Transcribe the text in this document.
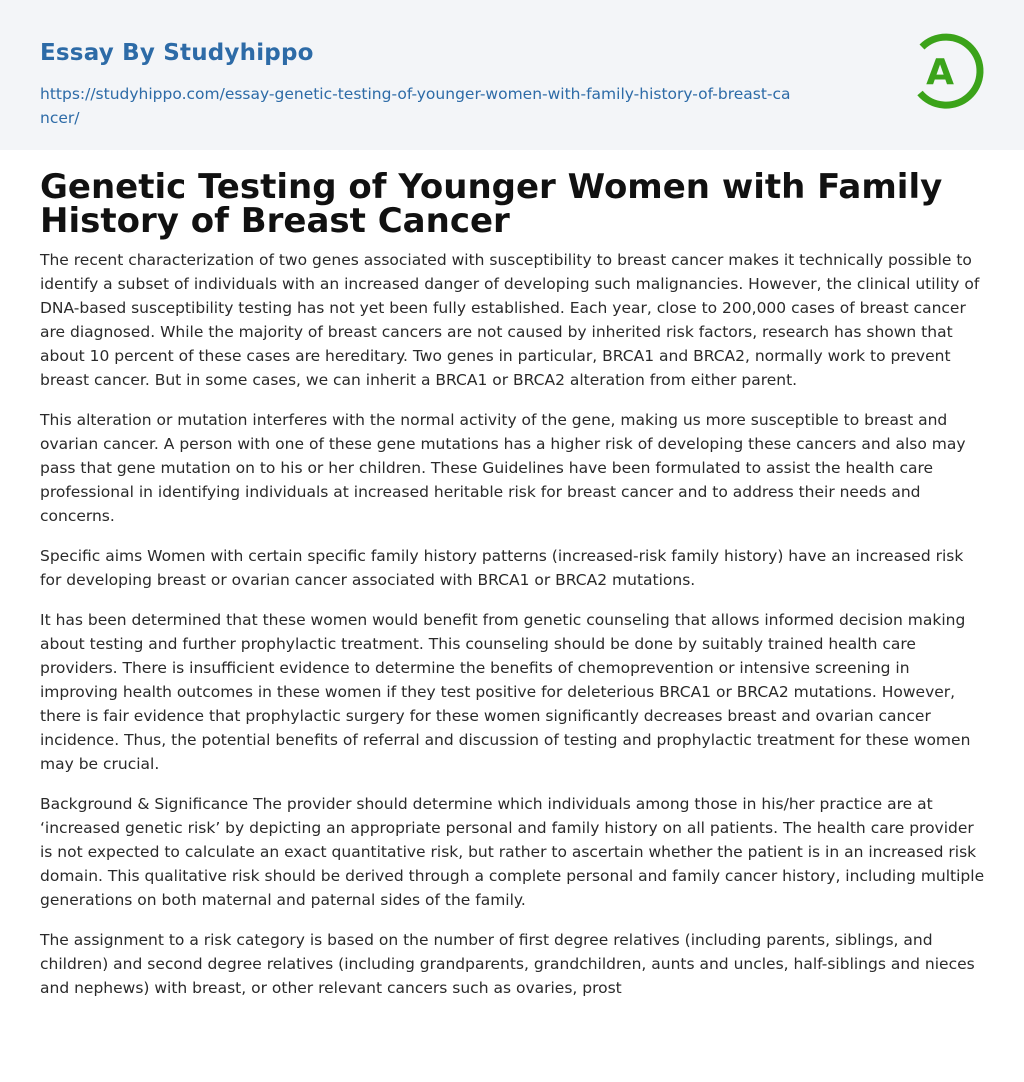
Essay By Studyhippo
https://studyhippo.com/essay-genetic-testing-of-younger-women-with-family-history-of-breast-cancer/
A
Genetic Testing of Younger Women with Family History of Breast Cancer

The recent characterization of two genes associated with susceptibility to breast cancer makes it technically possible to identify a subset of individuals with an increased danger of developing such malignancies. However, the clinical utility of DNA-based susceptibility testing has not yet been fully established. Each year, close to 200,000 cases of breast cancer are diagnosed. While the majority of breast cancers are not caused by inherited risk factors, research has shown that about 10 percent of these cases are hereditary. Two genes in particular, BRCA1 and BRCA2, normally work to prevent breast cancer. But in some cases, we can inherit a BRCA1 or BRCA2 alteration from either parent.

This alteration or mutation interferes with the normal activity of the gene, making us more susceptible to breast and ovarian cancer. A person with one of these gene mutations has a higher risk of developing these cancers and also may pass that gene mutation on to his or her children. These Guidelines have been formulated to assist the health care professional in identifying individuals at increased heritable risk for breast cancer and to address their needs and concerns.

Specific aims Women with certain specific family history patterns (increased-risk family history) have an increased risk for developing breast or ovarian cancer associated with BRCA1 or BRCA2 mutations.

It has been determined that these women would benefit from genetic counseling that allows informed decision making about testing and further prophylactic treatment. This counseling should be done by suitably trained health care providers. There is insufficient evidence to determine the benefits of chemoprevention or intensive screening in improving health outcomes in these women if they test positive for deleterious BRCA1 or BRCA2 mutations. However, there is fair evidence that prophylactic surgery for these women significantly decreases breast and ovarian cancer incidence. Thus, the potential benefits of referral and discussion of testing and prophylactic treatment for these women may be crucial.

Background & Significance The provider should determine which individuals among those in his/her practice are at ‘increased genetic risk’ by depicting an appropriate personal and family history on all patients. The health care provider is not expected to calculate an exact quantitative risk, but rather to ascertain whether the patient is in an increased risk domain. This qualitative risk should be derived through a complete personal and family cancer history, including multiple generations on both maternal and paternal sides of the family.

The assignment to a risk category is based on the number of first degree relatives (including parents, siblings, and children) and second degree relatives (including grandparents, grandchildren, aunts and uncles, half-siblings and nieces and nephews) with breast, or other relevant cancers such as ovaries, prost
